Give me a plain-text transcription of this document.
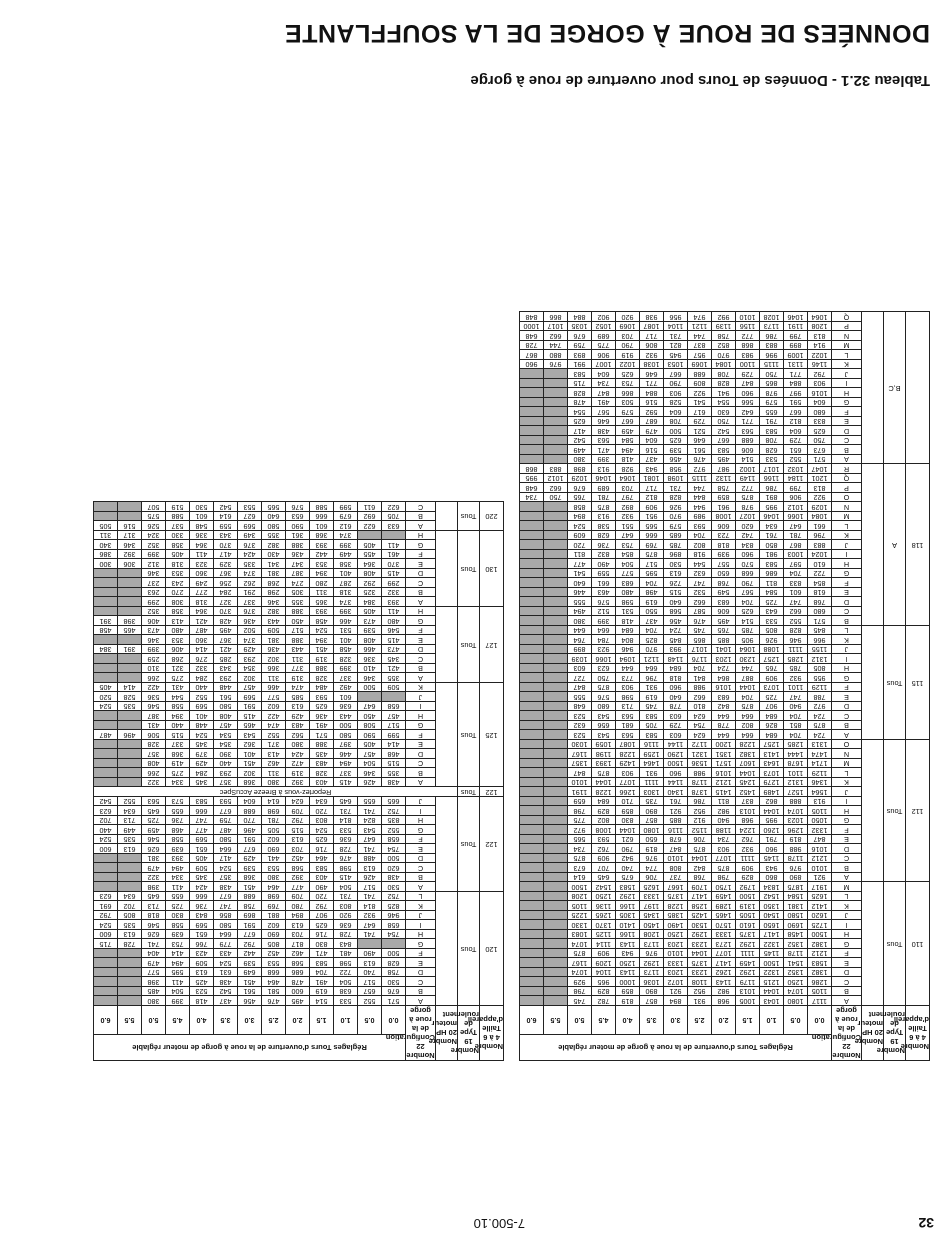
32
7-500.10
DONNÉES DE ROUE À GORGE DE LA SOUFFLANTE
Tableau 32.1 - Données de Tours pour ouverture de roue à gorge
Nombre 4 à 6 Taille d'appareil	Nombre 19 Type de roulement	Nombre 20 HP moteur	Nombre 22 Configuration de la roue à gorge	Réglages Tours d'ouverture de la roue à gorge de moteur réglable												
				0.0	0.5	1.0	1.5	2.0	2.5	3.0	3.5	4.0	4.5	5.0	5.5	6.0
110	Tous		A	1117	1080	1043	1005	968	931	894	857	819	782	745		
			B	1105	1074	1044	1013	982	952	921	890	859	829	798		
			C	1286	1250	1215	1179	1143	1108	1072	1036	1000	965	929		
			D	1382	1352	1322	1292	1262	1233	1203	1173	1143	1104	1074		
			E	1583	1541	1500	1459	1417	1375	1333	1292	1250	1209	1167		
			F	1212	1178	1145	1111	1077	1044	1010	976	943	909	875		
			G	1382	1352	1322	1292	1273	1233	1203	1173	1143	1114	1074		
			H	1500	1458	1417	1375	1333	1292	1250	1208	1166	1125	1083		
			I	1725	1690	1650	1610	1570	1530	1490	1450	1410	1370	1330		
			J	1620	1580	1540	1505	1465	1425	1385	1345	1305	1265	1225		
			K	1412	1381	1350	1319	1289	1258	1228	1197	1166	1136	1105		
			L	1625	1584	1542	1500	1459	1417	1375	1333	1292	1250	1208		
			M	1917	1875	1834	1792	1750	1709	1667	1625	1583	1542	1500		
112	Tous		A	921	890	860	829	798	768	737	706	675	645	614		
			B	1010	976	943	909	875	842	808	774	740	707	673		
			C	1212	1178	1145	1111	1077	1044	1010	976	942	909	875		
			D	1016	988	960	932	903	875	847	819	790	762	734		
			E	847	819	791	762	734	706	678	650	621	593	565		
			F	1332	1296	1260	1224	1188	1152	1116	1080	1044	1008	972		
			G	1050	1023	995	968	940	912	885	857	830	802	775		
			H	1105	1074	1044	1013	982	952	921	890	859	829	798		
			I	913	888	862	837	811	786	761	735	710	684	659		
			J	1564	1527	1489	1452	1415	1378	1340	1303	1266	1228	1191		
			K	1346	1312	1279	1245	1212	1178	1144	1111	1077	1044	1010		
			L	1129	1101	1073	1044	1016	988	960	931	903	875	847		
			M	1714	1678	1643	1607	1571	1536	1500	1464	1429	1393	1357		
			N	1474	1444	1413	1382	1351	1321	1290	1259	1228	1198	1167		
			O	1313	1285	1257	1228	1200	1172	1144	1116	1087	1059	1030		
115	Tous		A	724	704	684	664	644	624	603	583	563	543	523		
			B	875	851	826	802	778	754	729	705	681	656	632		
			C	724	704	684	664	644	624	603	583	563	543	523		
			D	972	940	907	875	842	810	778	745	713	680	648		
			E	788	747	725	704	683	662	640	619	598	576	555		
			F	1129	1101	1073	1044	1016	988	960	931	903	875	847		
			G	955	932	909	887	864	841	818	796	773	750	727		
			H	805	785	765	744	724	704	684	664	644	623	603		
			I	1312	1285	1257	1230	1203	1176	1148	1121	1094	1066	1039		
			J	1155	1111	1088	1064	1041	1017	993	970	946	923	899		
			K	966	946	926	905	885	865	845	825	804	784	764		
			L	845	828	805	785	765	745	724	704	684	664	644		
118	A		B	571	552	533	514	495	476	456	437	418	399	380		
			C	680	662	643	625	606	587	568	550	531	512	494		
			D	768	747	725	704	683	662	640	619	598	576	555		
			E	618	601	584	567	549	532	515	498	480	463	446		
			F	854	833	811	790	768	747	726	704	683	661	640		
			G	722	704	686	668	650	632	613	595	577	559	541		
			H	610	597	583	570	557	544	530	517	504	490	477		
			I	1024	1003	981	960	939	918	896	875	854	832	811		
			J	883	867	850	834	818	802	785	769	753	736	720		
			K	796	781	761	742	723	704	685	666	647	628	609		
			L	661	647	634	620	606	593	579	565	551	538	524		
			M	1084	1066	1046	1027	1008	989	970	951	932	913	894		
			N	1029	1012	995	978	961	944	926	909	892	875	858		
			O	922	906	891	875	859	844	828	812	797	781	765	750	734
			P	813	799	786	772	758	744	731	717	703	689	676	662	648
			Q	1201	1184	1166	1149	1132	1115	1098	1081	1064	1046	1029	1012	995
			R	1047	1032	1017	1002	987	972	958	943	928	913	898	883	868
	B,C		A	571	552	533	514	495	476	456	437	418	399	380		
			B	673	651	628	606	583	561	539	516	494	471	449		
			C	750	729	708	688	667	646	625	604	584	563	542		
			D	625	604	583	563	542	521	500	479	459	438	417		
			E	833	812	791	771	750	729	708	687	667	646	625		
			F	680	667	655	642	630	617	604	592	579	567	554		
			G	604	591	579	566	554	541	528	516	503	491	478		
			H	1016	997	978	960	941	922	903	884	866	847	828		
			I	903	884	865	847	828	809	790	771	753	734	715		
			J	792	771	750	729	708	688	667	646	625	604	583		
			K	1146	1131	1115	1100	1084	1069	1053	1038	1022	1007	991	976	960
			L	1022	1009	996	983	970	957	945	932	919	906	893	880	867
			M	914	899	883	868	852	837	821	806	790	775	759	744	728
			N	813	799	786	772	758	744	731	717	703	689	676	662	648
			P	1208	1191	1173	1156	1139	1121	1104	1087	1069	1052	1035	1017	1000
			Q	1064	1046	1028	1010	992	974	956	938	920	902	884	866	848
Nombre 4 à 6 Taille d'appareil	Nombre 19 Type de roulement	Nombre 20 HP moteur	Nombre 22 Configuration de la roue à gorge	Réglages Tours d'ouverture de la roue à gorge de moteur réglable												
				0.0	0.5	1.0	1.5	2.0	2.5	3.0	3.5	4.0	4.5	5.0	5.5	6.0
120	Tous		A	571	552	533	514	495	476	456	437	418	399	380		
			B	676	657	638	619	600	581	561	542	523	504	485		
			C	530	517	504	491	478	464	451	438	425	411	398		
			D	758	740	722	704	686	668	649	631	613	595	577		
			E	628	613	598	583	568	553	539	524	509	494	479		
			F	500	490	481	471	462	452	442	433	423	414	404		
			G			843	830	817	805	792	779	766	753	741	728	715
			H	754	741	728	716	703	690	677	664	651	639	626	613	600
			I	658	647	636	625	613	602	591	580	569	558	546	535	524
			J	946	932	920	907	894	881	869	856	843	830	818	805	792
			K	825	814	803	792	780	769	758	747	736	725	713	702	691
			L	752	741	731	720	709	698	688	677	666	655	645	634	623
122	Tous		A	530	517	504	490	477	464	451	438	424	411	398		
			B	438	426	415	403	392	380	368	357	345	334	322		
			C	620	613	598	583	568	553	539	524	509	494	479		
			D	500	488	476	464	452	441	429	417	405	393	381		
			E	754	741	728	716	703	690	677	664	651	639	626	613	600
			F	658	647	636	625	613	602	591	580	569	558	546	535	524
			G	552	543	533	524	515	505	496	487	477	468	459	449	440
			H	835	824	814	803	792	781	770	759	747	736	725	713	702
			I	752	741	731	720	709	698	688	677	666	655	645	634	623
			J	665	655	645	634	624	614	604	593	583	573	563	552	542
122	Tous	Reportez-vous à Breeze AccuSpec														
125	Tous		A	438	426	415	403	392	380	368	357	345	334	322		
			B	355	346	337	328	319	311	302	293	284	275	266		
			C	515	504	494	483	472	462	451	440	429	419	408		
			D	468	457	446	435	424	413	401	390	379	368	357		
			E	414	405	397	388	380	371	362	354	345	337	328		
			F	599	590	580	571	562	552	543	534	524	515	506	496	487
			G	517	508	500	491	483	474	465	457	448	440	431		
			H	457	450	443	436	429	422	415	408	401	394	387		
			I	658	647	636	625	613	602	591	580	569	558	546	535	524
			J			601	593	585	577	569	561	552	544	536	528	520
			K	509	500	492	484	474	466	457	448	440	431	422	414	405
127	Tous		A	355	346	337	328	319	311	302	293	284	275	266		
			B	421	410	399	388	377	366	354	343	332	321	310		
			C	345	336	328	319	311	302	293	285	276	268	259		
			D	473	466	458	451	443	436	429	421	414	406	399	391	384
			E	415	408	401	394	388	381	374	367	360	353	346		
			F	546	539	531	524	517	509	502	495	487	480	473	465	458
			G	480	473	466	458	450	443	436	428	421	413	406	398	391
			H	411	405	399	393	388	382	376	370	364	358	352		
130	Tous		A	393	384	374	365	355	346	337	327	318	308	299		
			B	332	325	318	311	305	298	291	284	277	270	263		
			C	299	292	287	280	274	268	262	256	249	243	237		
			D	415	408	401	394	387	381	374	367	360	353	346		
			E	370	364	358	353	347	341	335	329	323	318	312	306	300
			F	461	455	449	442	436	430	424	417	411	405	399	392	386
			G	411	405	399	393	388	382	376	370	364	358	352	346	340
			H			374	368	361	355	349	343	336	330	324	317	311
220	Tous		A	633	622	612	601	590	580	569	559	548	537	526	516	505
			B	705	692	679	666	653	640	627	614	601	588	575		
			C	622	611	599	588	576	565	553	542	530	519	507		
